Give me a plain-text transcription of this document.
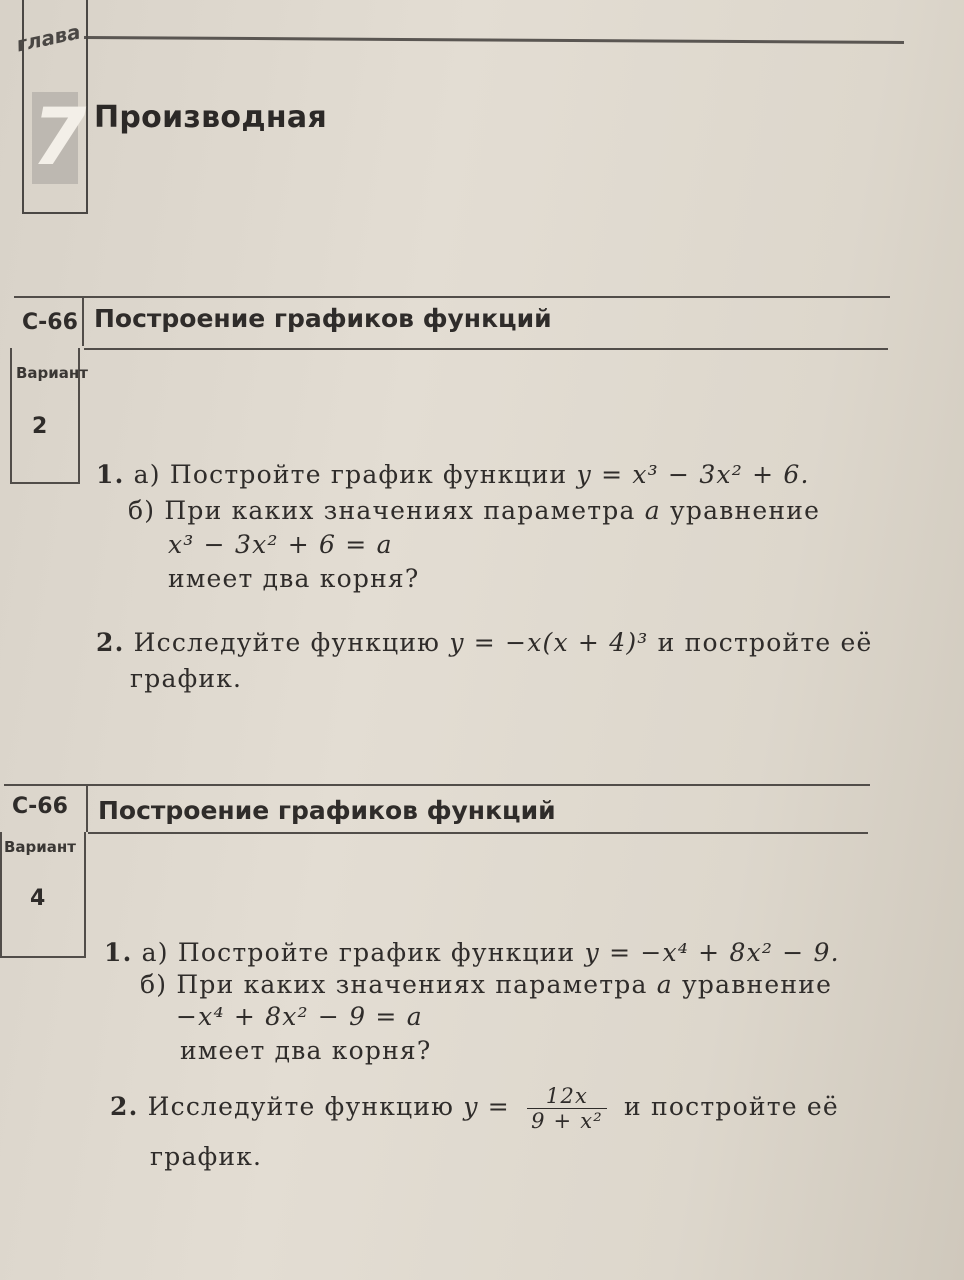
глава
7 Производная
С-66 Построение графиков функций
Вариант
2
1. а) Постройте график функции y = x³ − 3x² + 6.
б) При каких значениях параметра a уравнение
x³ − 3x² + 6 = a
имеет два корня?
2. Исследуйте функцию y = −x(x + 4)³ и постройте её
график.
С-66 Построение графиков функций
Вариант
4
1. а) Постройте график функции y = −x⁴ + 8x² − 9.
б) При каких значениях параметра a уравнение
−x⁴ + 8x² − 9 = a
имеет два корня?
2. Исследуйте функцию $y = \frac{12x}{\text{9 + x²}}$ и постройте её
график.
